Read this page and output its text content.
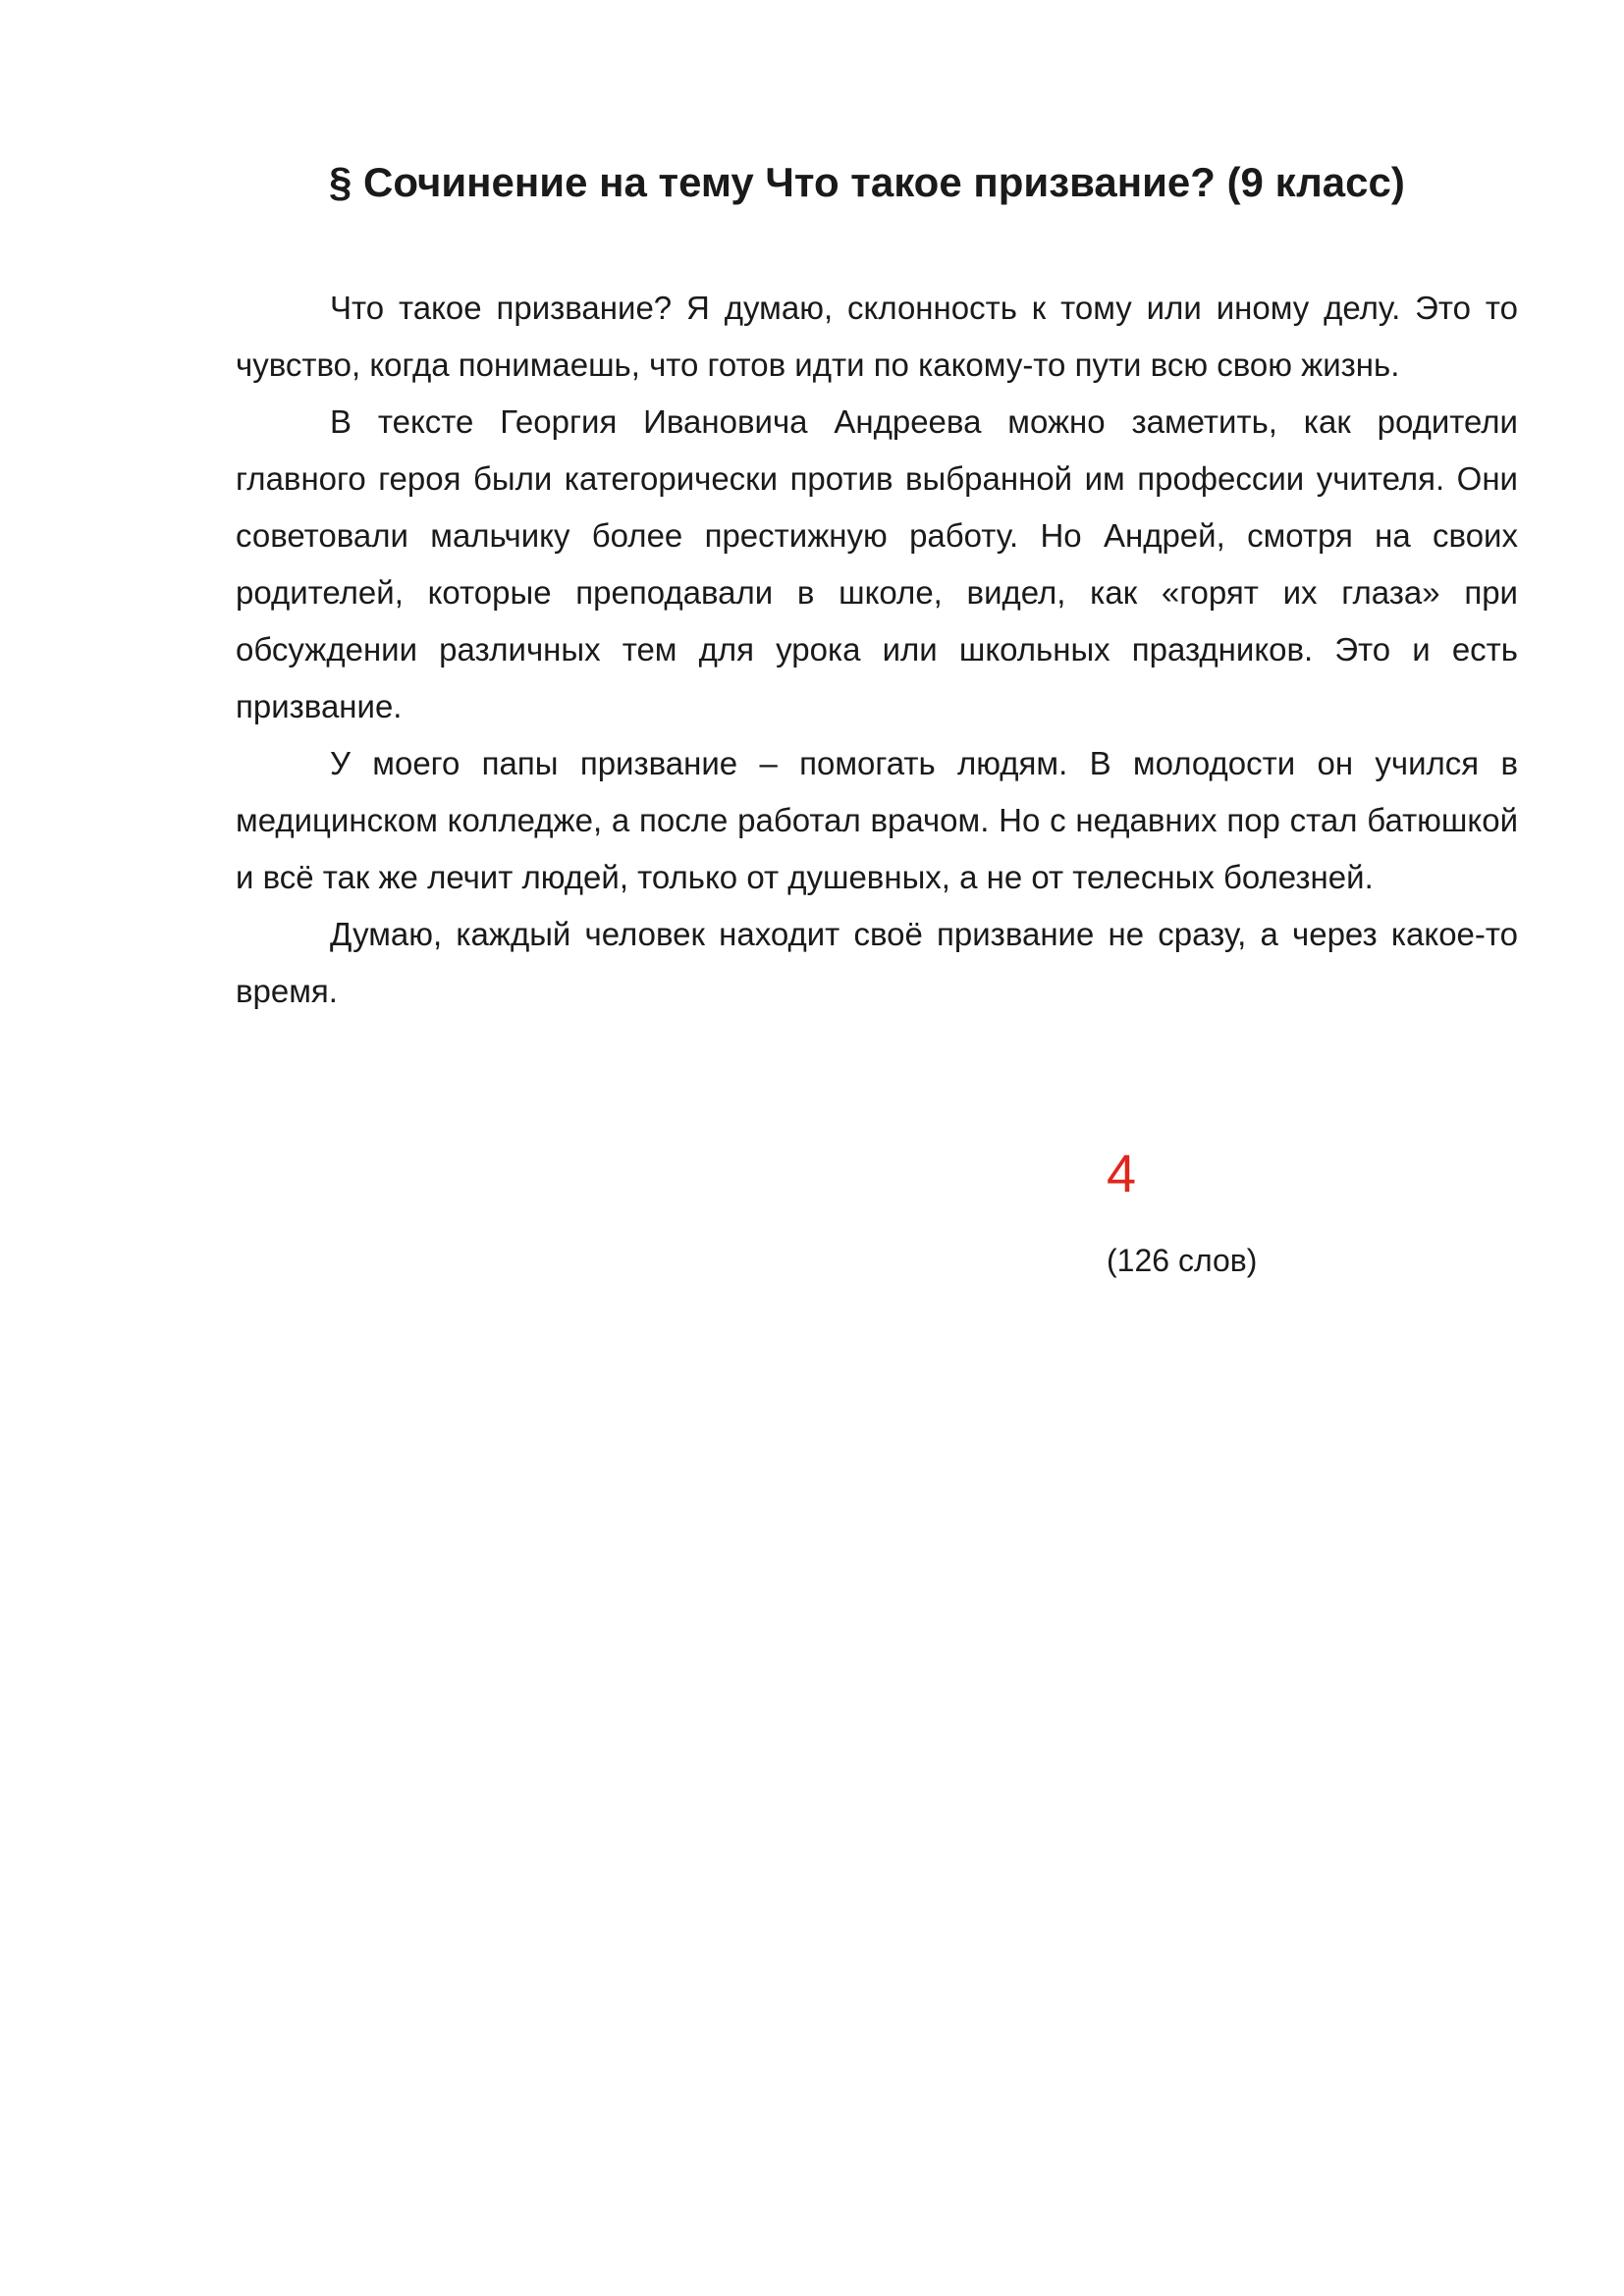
§ Сочинение на тему Что такое призвание? (9 класс)

Что такое призвание? Я думаю, склонность к тому или иному делу. Это то чувство, когда понимаешь, что готов идти по какому-то пути всю свою жизнь.

В тексте Георгия Ивановича Андреева можно заметить, как родители главного героя были категорически против выбранной им профессии учителя. Они советовали мальчику более престижную работу. Но Андрей, смотря на своих родителей, которые преподавали в школе, видел, как «горят их глаза» при обсуждении различных тем для урока или школьных праздников. Это и есть призвание.

У моего папы призвание – помогать людям. В молодости он учился в медицинском колледже, а после работал врачом. Но с недавних пор стал батюшкой и всё так же лечит людей, только от душевных, а не от телесных болезней.

Думаю, каждый человек находит своё призвание не сразу, а через какое-то время.

4
(126 слов)
